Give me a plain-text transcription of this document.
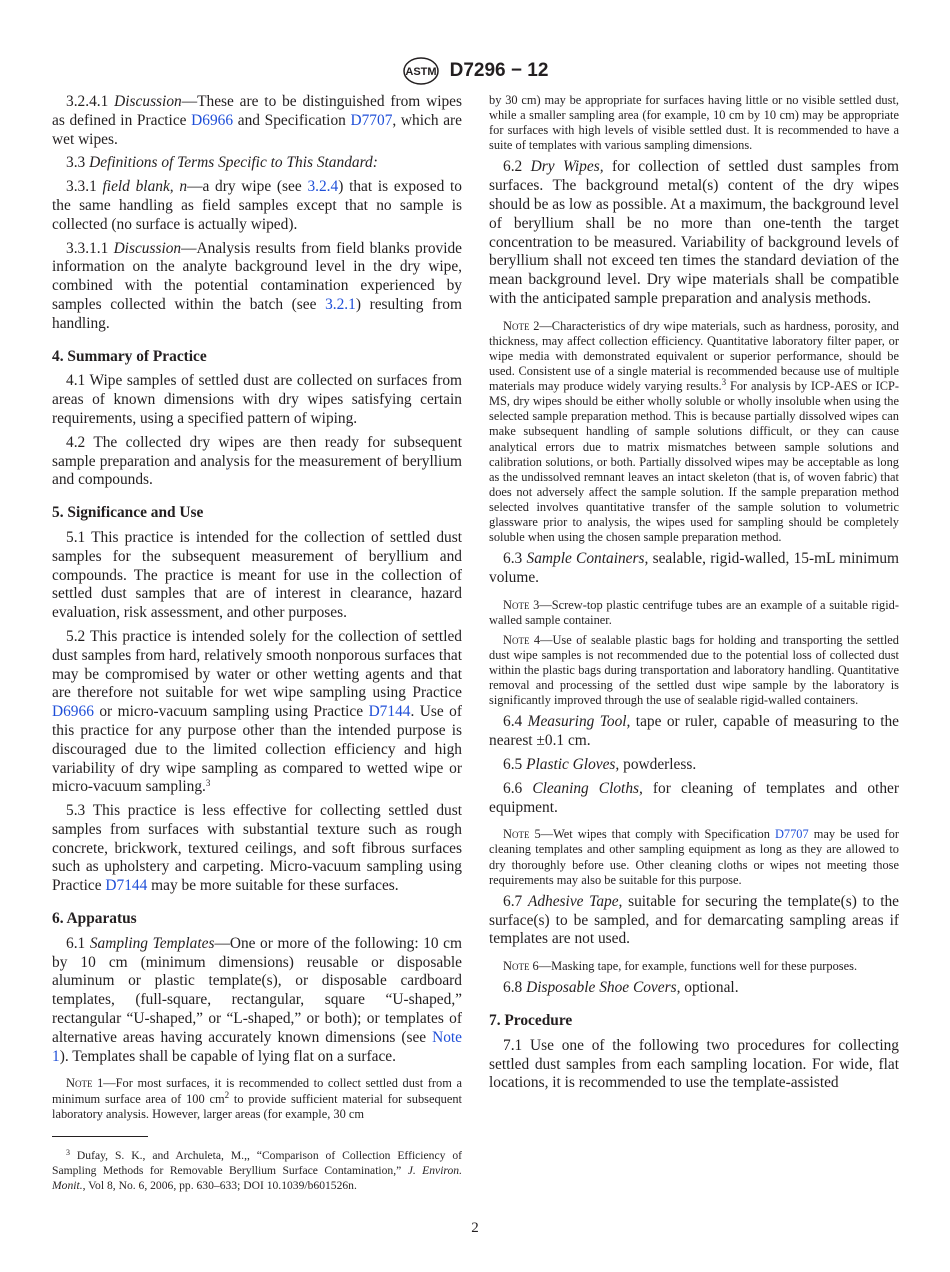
ASTM D7296 − 12

3.2.4.1 Discussion—These are to be distinguished from wipes as defined in Practice D6966 and Specification D7707, which are wet wipes.

3.3 Definitions of Terms Specific to This Standard:

3.3.1 field blank, n—a dry wipe (see 3.2.4) that is exposed to the same handling as field samples except that no sample is collected (no surface is actually wiped).

3.3.1.1 Discussion—Analysis results from field blanks provide information on the analyte background level in the dry wipe, combined with the potential contamination experienced by samples collected within the batch (see 3.2.1) resulting from handling.

4. Summary of Practice

4.1 Wipe samples of settled dust are collected on surfaces from areas of known dimensions with dry wipes satisfying certain requirements, using a specified pattern of wiping.

4.2 The collected dry wipes are then ready for subsequent sample preparation and analysis for the measurement of beryllium and compounds.

5. Significance and Use

5.1 This practice is intended for the collection of settled dust samples for the subsequent measurement of beryllium and compounds. The practice is meant for use in the collection of settled dust samples that are of interest in clearance, hazard evaluation, risk assessment, and other purposes.

5.2 This practice is intended solely for the collection of settled dust samples from hard, relatively smooth nonporous surfaces that may be compromised by water or other wetting agents and that are therefore not suitable for wet wipe sampling using Practice D6966 or micro-vacuum sampling using Practice D7144. Use of this practice for any purpose other than the intended purpose is discouraged due to the limited collection efficiency and high variability of dry wipe sampling as compared to wetted wipe or micro-vacuum sampling.$^3$

5.3 This practice is less effective for collecting settled dust samples from surfaces with substantial texture such as rough concrete, brickwork, textured ceilings, and soft fibrous surfaces such as upholstery and carpeting. Micro-vacuum sampling using Practice D7144 may be more suitable for these surfaces.

6. Apparatus

6.1 Sampling Templates—One or more of the following: 10 cm by 10 cm (minimum dimensions) reusable or disposable aluminum or plastic template(s), or disposable cardboard templates, (full-square, rectangular, square “U-shaped,” rectangular “U-shaped,” or “L-shaped,” or both); or templates of alternative areas having accurately known dimensions (see Note 1). Templates shall be capable of lying flat on a surface.

Note 1—For most surfaces, it is recommended to collect settled dust from a minimum surface area of 100 $cm^2$ to provide sufficient material for subsequent laboratory analysis. However, larger areas (for example, 30 cm

by 30 cm) may be appropriate for surfaces having little or no visible settled dust, while a smaller sampling area (for example, 10 cm by 10 cm) may be appropriate for surfaces with high levels of visible settled dust. It is recommended to have a suite of templates with various sampling dimensions.

6.2 Dry Wipes, for collection of settled dust samples from surfaces. The background metal(s) content of the dry wipes should be as low as possible. At a maximum, the background level of beryllium shall be no more than one-tenth the target concentration to be measured. Variability of background levels of beryllium shall not exceed ten times the standard deviation of the mean background level. Dry wipe materials shall be compatible with the anticipated sample preparation and analysis methods.

Note 2—Characteristics of dry wipe materials, such as hardness, porosity, and thickness, may affect collection efficiency. Quantitative laboratory filter paper, or wipe media with demonstrated equivalent or superior performance, should be used. Consistent use of a single material is recommended because use of multiple materials may produce widely varying results.$^3$ For analysis by ICP-AES or ICP-MS, dry wipes should be either wholly soluble or wholly insoluble when using the selected sample preparation method. This is because partially dissolved wipes can make subsequent handling of sample solutions difficult, or they can cause analytical errors due to matrix mismatches between sample solutions and calibration solutions, or both. Partially dissolved wipes may be acceptable as long as the undissolved remnant leaves an intact skeleton (that is, of woven fabric) that does not adversely affect the sample solution. If the sample preparation method selected involves quantitative transfer of the sample solution to volumetric glassware prior to analysis, the wipes used for sampling should be completely soluble when using the chosen sample preparation method.

6.3 Sample Containers, sealable, rigid-walled, 15-mL minimum volume.

Note 3—Screw-top plastic centrifuge tubes are an example of a suitable rigid-walled sample container.

Note 4—Use of sealable plastic bags for holding and transporting the settled dust wipe samples is not recommended due to the potential loss of collected dust within the plastic bags during transportation and laboratory handling. Quantitative removal and processing of the settled dust wipe sample by the laboratory is significantly improved through the use of sealable rigid-walled containers.

6.4 Measuring Tool, tape or ruler, capable of measuring to the nearest ±0.1 cm.

6.5 Plastic Gloves, powderless.

6.6 Cleaning Cloths, for cleaning of templates and other equipment.

Note 5—Wet wipes that comply with Specification D7707 may be used for cleaning templates and other sampling equipment as long as they are allowed to dry thoroughly before use. Other cleaning cloths or wipes not meeting those requirements may also be suitable for this purpose.

6.7 Adhesive Tape, suitable for securing the template(s) to the surface(s) to be sampled, and for demarcating sampling areas if templates are not used.

Note 6—Masking tape, for example, functions well for these purposes.

6.8 Disposable Shoe Covers, optional.

7. Procedure

7.1 Use one of the following two procedures for collecting settled dust samples from each sampling location. For wide, flat locations, it is recommended to use the template-assisted

$^3$ Dufay, S. K., and Archuleta, M.,, “Comparison of Collection Efficiency of Sampling Methods for Removable Beryllium Surface Contamination,” J. Environ. Monit., Vol 8, No. 6, 2006, pp. 630–633; DOI 10.1039/b601526n.

2
